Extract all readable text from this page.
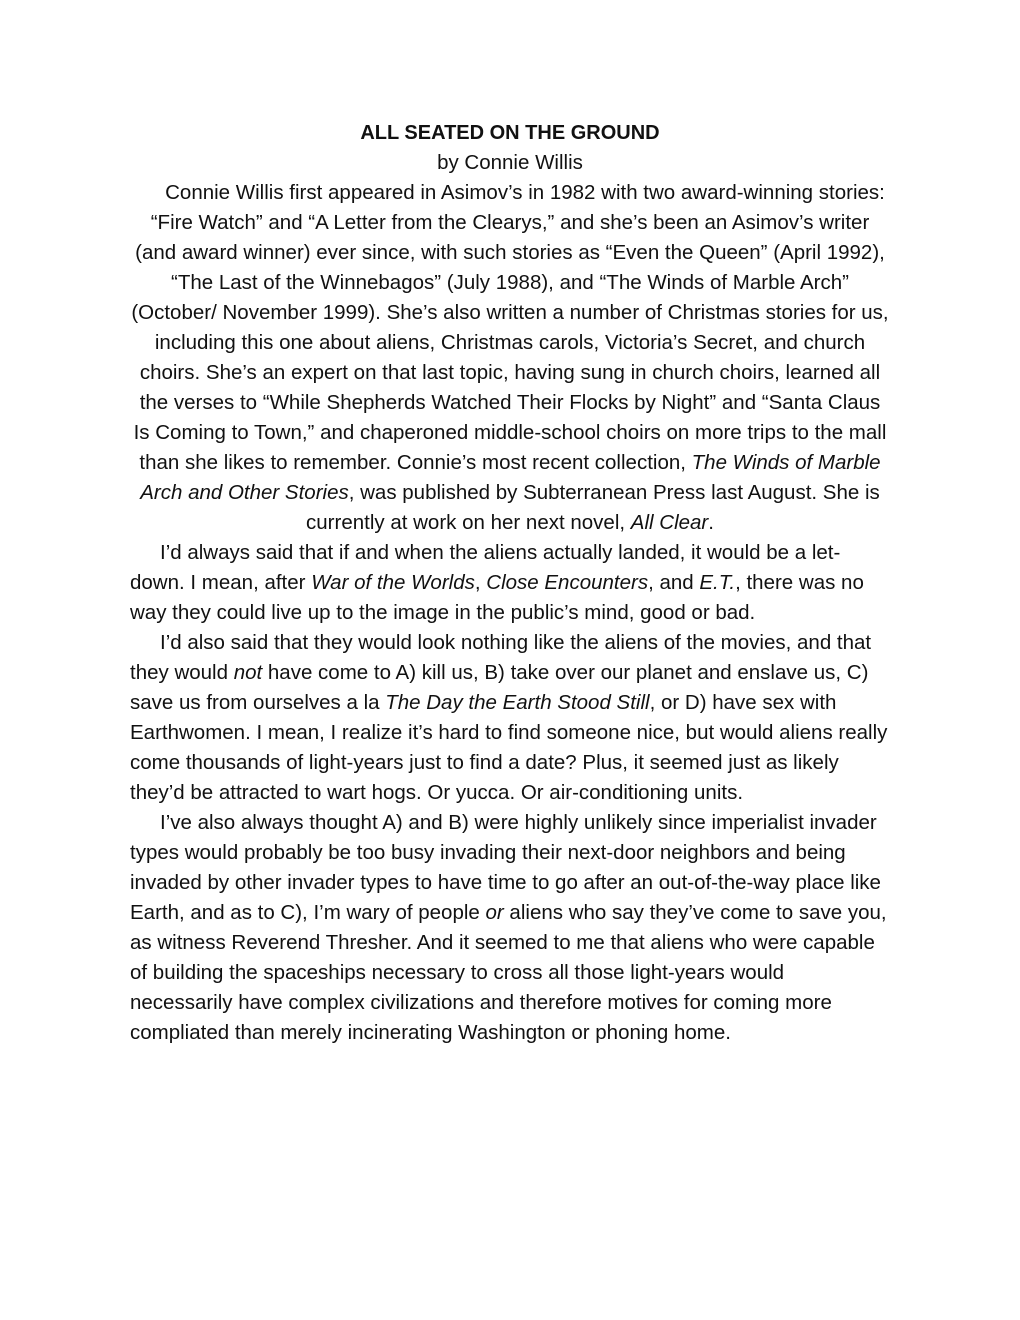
ALL SEATED ON THE GROUND

by Connie Willis

Connie Willis first appeared in Asimov’s in 1982 with two award-winning stories: “Fire Watch” and “A Letter from the Clearys,” and she’s been an Asimov’s writer (and award winner) ever since, with such stories as “Even the Queen” (April 1992), “The Last of the Winnebagos” (July 1988), and “The Winds of Marble Arch” (October/ November 1999). She’s also written a number of Christmas stories for us, including this one about aliens, Christmas carols, Victoria’s Secret, and church choirs. She’s an expert on that last topic, having sung in church choirs, learned all the verses to “While Shepherds Watched Their Flocks by Night” and “Santa Claus Is Coming to Town,” and chaperoned middle-school choirs on more trips to the mall than she likes to remember. Connie’s most recent collection, The Winds of Marble Arch and Other Stories, was published by Subterranean Press last August. She is currently at work on her next novel, All Clear.

I’d always said that if and when the aliens actually landed, it would be a let-down. I mean, after War of the Worlds, Close Encounters, and E.T., there was no way they could live up to the image in the public’s mind, good or bad.

I’d also said that they would look nothing like the aliens of the movies, and that they would not have come to A) kill us, B) take over our planet and enslave us, C) save us from ourselves a la The Day the Earth Stood Still, or D) have sex with Earthwomen. I mean, I realize it’s hard to find someone nice, but would aliens really come thousands of light-years just to find a date? Plus, it seemed just as likely they’d be attracted to wart hogs. Or yucca. Or air-conditioning units.

I’ve also always thought A) and B) were highly unlikely since imperialist invader types would probably be too busy invading their next-door neighbors and being invaded by other invader types to have time to go after an out-of-the-way place like Earth, and as to C), I’m wary of people or aliens who say they’ve come to save you, as witness Reverend Thresher. And it seemed to me that aliens who were capable of building the spaceships necessary to cross all those light-years would necessarily have complex civilizations and therefore motives for coming more compliated than merely incinerating Washington or phoning home.
